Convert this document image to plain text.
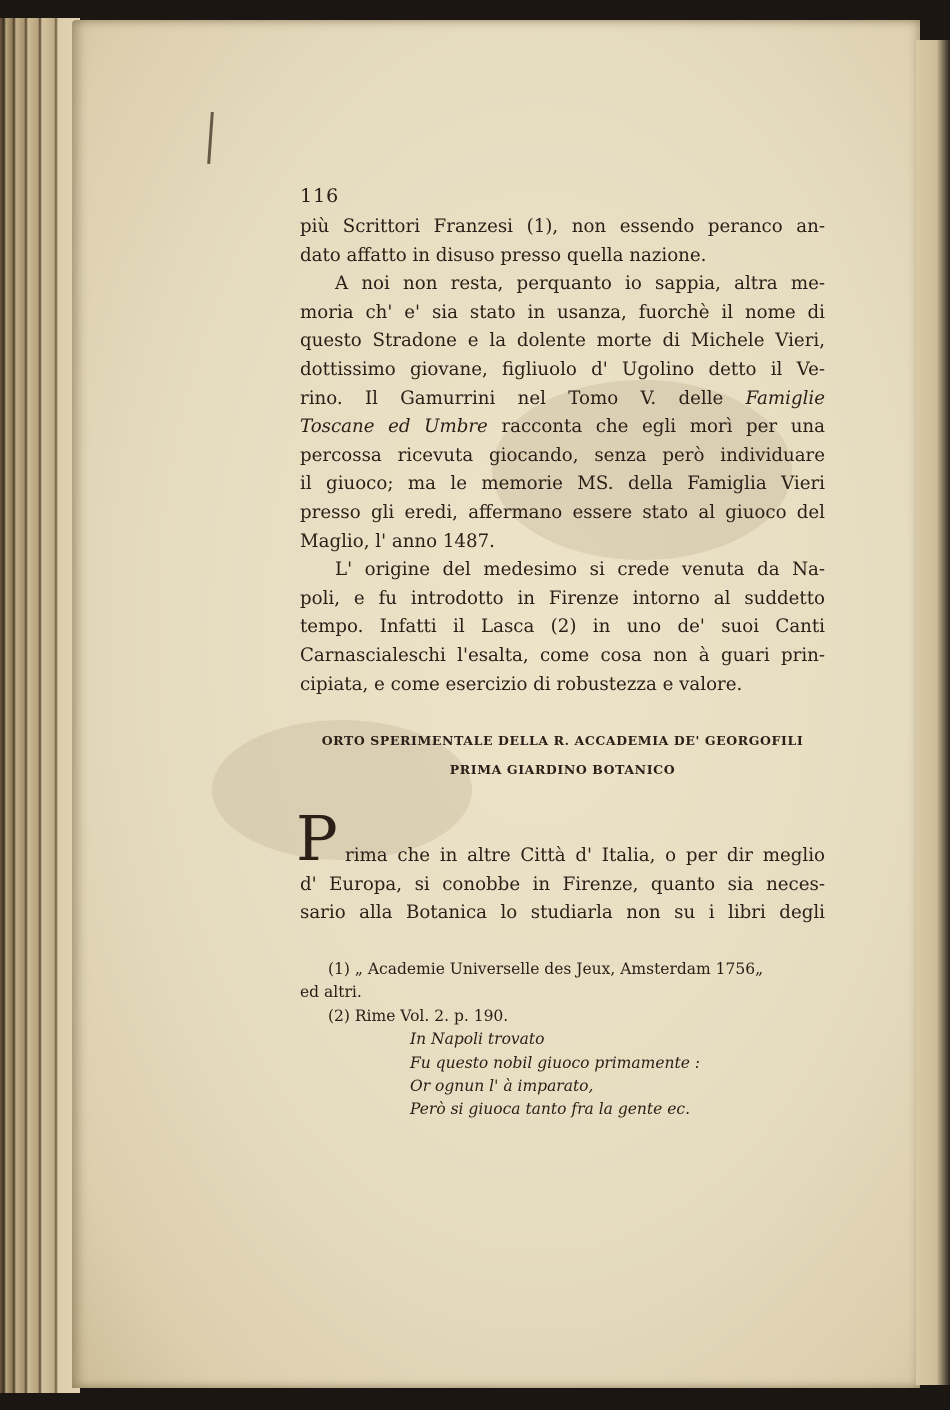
116

più Scrittori Franzesi (1), non essendo peranco an-
dato affatto in disuso presso quella nazione.

A noi non resta, perquanto io sappia, altra me-
moria ch' e' sia stato in usanza, fuorchè il nome di
questo Stradone e la dolente morte di Michele Vieri,
dottissimo giovane, figliuolo d' Ugolino detto il Ve-
rino. Il Gamurrini nel Tomo V. delle Famiglie
Toscane ed Umbre racconta che egli morì per una
percossa ricevuta giocando, senza però individuare
il giuoco; ma le memorie MS. della Famiglia Vieri
presso gli eredi, affermano essere stato al giuoco del
Maglio, l' anno 1487.

L' origine del medesimo si crede venuta da Na-
poli, e fu introdotto in Firenze intorno al suddetto
tempo. Infatti il Lasca (2) in uno de' suoi Canti
Carnascialeschi l'esalta, come cosa non à guari prin-
cipiata, e come esercizio di robustezza e valore.

ORTO SPERIMENTALE DELLA R. ACCADEMIA DE' GEORGOFILI
PRIMA GIARDINO BOTANICO
P rima che in altre Città d' Italia, o per dir meglio
d' Europa, si conobbe in Firenze, quanto sia neces-
sario alla Botanica lo studiarla non su i libri degli
(1) „ Academie Universelle des Jeux, Amsterdam 1756„
ed altri.
(2) Rime Vol. 2. p. 190.
In Napoli trovato
Fu questo nobil giuoco primamente :
Or ognun l' à imparato,
Però si giuoca tanto fra la gente ec.
